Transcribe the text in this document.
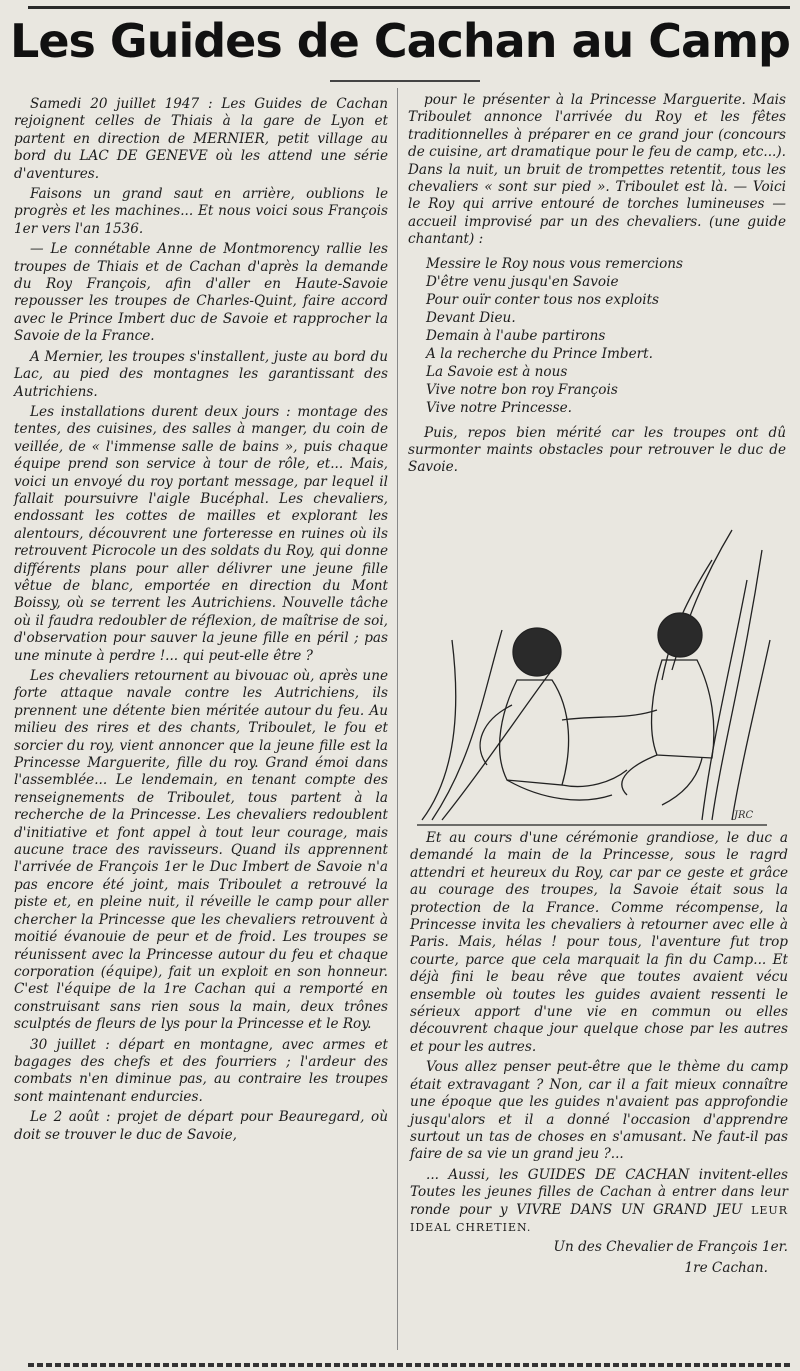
Les Guides de Cachan au Camp

Samedi 20 juillet 1947 : Les Guides de Cachan rejoignent celles de Thiais à la gare de Lyon et partent en direction de MERNIER, petit village au bord du LAC DE GENEVE où les attend une série d'aventures.

Faisons un grand saut en arrière, oublions le progrès et les machines... Et nous voici sous François 1er vers l'an 1536.

— Le connétable Anne de Montmorency rallie les troupes de Thiais et de Cachan d'après la demande du Roy François, afin d'aller en Haute-Savoie repousser les troupes de Charles-Quint, faire accord avec le Prince Imbert duc de Savoie et rapprocher la Savoie de la France.

A Mernier, les troupes s'installent, juste au bord du Lac, au pied des montagnes les garantissant des Autrichiens.

Les installations durent deux jours : montage des tentes, des cuisines, des salles à manger, du coin de veillée, de « l'immense salle de bains », puis chaque équipe prend son service à tour de rôle, et... Mais, voici un envoyé du roy portant message, par lequel il fallait poursuivre l'aigle Bucéphal. Les chevaliers, endossant les cottes de mailles et explorant les alentours, découvrent une forteresse en ruines où ils retrouvent Picrocole un des soldats du Roy, qui donne différents plans pour aller délivrer une jeune fille vêtue de blanc, emportée en direction du Mont Boissy, où se terrent les Autrichiens. Nouvelle tâche où il faudra redoubler de réflexion, de maîtrise de soi, d'observation pour sauver la jeune fille en péril ; pas une minute à perdre !... qui peut-elle être ?

Les chevaliers retournent au bivouac où, après une forte attaque navale contre les Autrichiens, ils prennent une détente bien méritée autour du feu. Au milieu des rires et des chants, Triboulet, le fou et sorcier du roy, vient annoncer que la jeune fille est la Princesse Marguerite, fille du roy. Grand émoi dans l'assemblée... Le lendemain, en tenant compte des renseignements de Triboulet, tous partent à la recherche de la Princesse. Les chevaliers redoublent d'initiative et font appel à tout leur courage, mais aucune trace des ravisseurs. Quand ils apprennent l'arrivée de François 1er le Duc Imbert de Savoie n'a pas encore été joint, mais Triboulet a retrouvé la piste et, en pleine nuit, il réveille le camp pour aller chercher la Princesse que les chevaliers retrouvent à moitié évanouie de peur et de froid. Les troupes se réunissent avec la Princesse autour du feu et chaque corporation (équipe), fait un exploit en son honneur. C'est l'équipe de la 1re Cachan qui a remporté en construisant sans rien sous la main, deux trônes sculptés de fleurs de lys pour la Princesse et le Roy.

30 juillet : départ en montagne, avec armes et bagages des chefs et des fourriers ; l'ardeur des combats n'en diminue pas, au contraire les troupes sont maintenant endurcies.

Le 2 août : projet de départ pour Beauregard, où doit se trouver le duc de Savoie,

pour le présenter à la Princesse Marguerite. Mais Triboulet annonce l'arrivée du Roy et les fêtes traditionnelles à préparer en ce grand jour (concours de cuisine, art dramatique pour le feu de camp, etc...). Dans la nuit, un bruit de trompettes retentit, tous les chevaliers « sont sur pied ». Triboulet est là. — Voici le Roy qui arrive entouré de torches lumineuses — accueil improvisé par un des chevaliers. (une guide chantant) :

Messire le Roy nous vous remercions
D'être venu jusqu'en Savoie
Pour ouïr conter tous nos exploits
Devant Dieu.
Demain à l'aube partirons
A la recherche du Prince Imbert.
La Savoie est à nous
Vive notre bon roy François
Vive notre Princesse.

Puis, repos bien mérité car les troupes ont dû surmonter maints obstacles pour retrouver le duc de Savoie.

JRC

Et au cours d'une cérémonie grandiose, le duc a demandé la main de la Princesse, sous le ragrd attendri et heureux du Roy, car par ce geste et grâce au courage des troupes, la Savoie était sous la protection de la France. Comme récompense, la Princesse invita les chevaliers à retourner avec elle à Paris. Mais, hélas ! pour tous, l'aventure fut trop courte, parce que cela marquait la fin du Camp... Et déjà fini le beau rêve que toutes avaient vécu ensemble où toutes les guides avaient ressenti le sérieux apport d'une vie en commun ou elles découvrent chaque jour quelque chose par les autres et pour les autres.

Vous allez penser peut-être que le thème du camp était extravagant ? Non, car il a fait mieux connaître une époque que les guides n'avaient pas approfondie jusqu'alors et il a donné l'occasion d'apprendre surtout un tas de choses en s'amusant. Ne faut-il pas faire de sa vie un grand jeu ?...

... Aussi, les GUIDES DE CACHAN invitent-elles Toutes les jeunes filles de Cachan à entrer dans leur ronde pour y VIVRE DANS UN GRAND JEU LEUR IDEAL CHRETIEN.

Un des Chevalier de François 1er.

1re Cachan.
